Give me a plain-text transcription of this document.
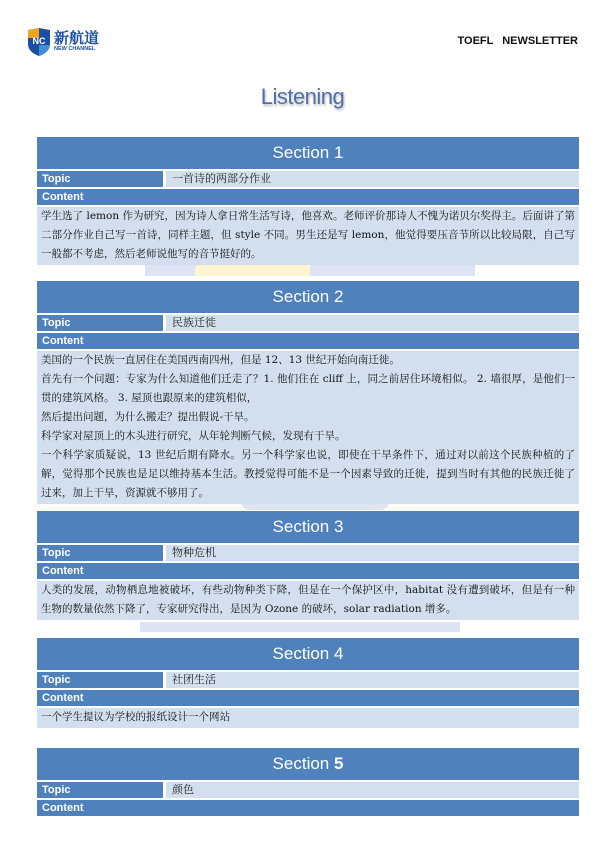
NC 新航道
NEW CHANNEL
TOEFL NEWSLETTER
Listening
Section 1
Topic	一首诗的两部分作业
Content

学生选了 lemon 作为研究，因为诗人拿日常生活写诗，他喜欢。老师评价那诗人不愧为诺贝尔奖得主。后面讲了第二部分作业自己写一首诗，同样主题，但 style 不同。男生还是写 lemon，他觉得要压音节所以比较局限，自己写一般都不考虑，然后老师说他写的音节挺好的。

Section 2
Topic	民族迁徙
Content

美国的一个民族一直居住在美国西南四州，但是 12、13 世纪开始向南迁徙。

首先有一个问题：专家为什么知道他们迁走了？1. 他们住在 cliff 上，同之前居住环境相似。 2. 墙很厚，是他们一贯的建筑风格。 3. 屋顶也跟原来的建筑相似，

然后提出问题，为什么搬走？提出假说-干旱。

科学家对屋顶上的木头进行研究，从年轮判断气候，发现有干旱。

一个科学家质疑说，13 世纪后期有降水。另一个科学家也说，即使在干旱条件下，通过对以前这个民族种植的了解，觉得那个民族也是足以维持基本生活。教授觉得可能不是一个因素导致的迁徙，提到当时有其他的民族迁徙了过来，加上干旱，资源就不够用了。

Section 3
Topic	物种危机
Content

人类的发展，动物栖息地被破坏，有些动物种类下降，但是在一个保护区中，habitat 没有遭到破坏，但是有一种生物的数量依然下降了，专家研究得出，是因为 Ozone 的破坏，solar radiation 增多。

Section 4
Topic	社团生活
Content

一个学生提议为学校的报纸设计一个网站

Section 5
Topic	颜色
Content
